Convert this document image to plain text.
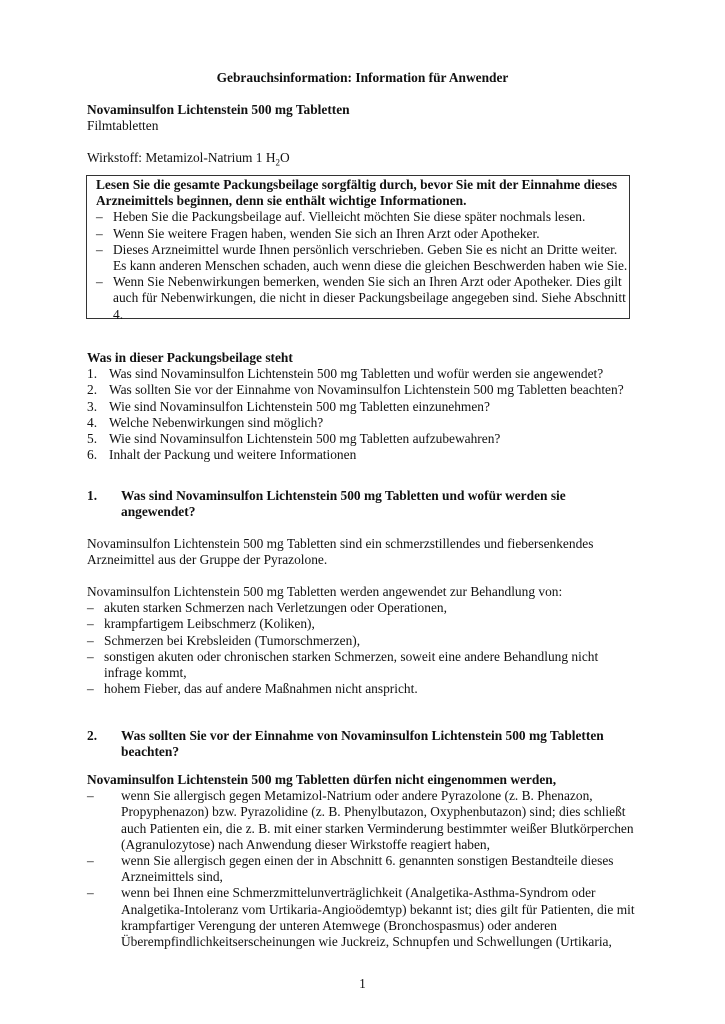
Gebrauchsinformation: Information für Anwender
Novaminsulfon Lichtenstein 500 mg Tabletten
Filmtabletten
Wirkstoff: Metamizol-Natrium 1 $H_2O$
Lesen Sie die gesamte Packungsbeilage sorgfältig durch, bevor Sie mit der Einnahme dieses Arzneimittels beginnen, denn sie enthält wichtige Informationen.
– Heben Sie die Packungsbeilage auf. Vielleicht möchten Sie diese später nochmals lesen.
– Wenn Sie weitere Fragen haben, wenden Sie sich an Ihren Arzt oder Apotheker.
– Dieses Arzneimittel wurde Ihnen persönlich verschrieben. Geben Sie es nicht an Dritte weiter. Es kann anderen Menschen schaden, auch wenn diese die gleichen Beschwerden haben wie Sie.
– Wenn Sie Nebenwirkungen bemerken, wenden Sie sich an Ihren Arzt oder Apotheker. Dies gilt auch für Nebenwirkungen, die nicht in dieser Packungsbeilage angegeben sind. Siehe Abschnitt 4.
Was in dieser Packungsbeilage steht
1. Was sind Novaminsulfon Lichtenstein 500 mg Tabletten und wofür werden sie angewendet?
2. Was sollten Sie vor der Einnahme von Novaminsulfon Lichtenstein 500 mg Tabletten beachten?
3. Wie sind Novaminsulfon Lichtenstein 500 mg Tabletten einzunehmen?
4. Welche Nebenwirkungen sind möglich?
5. Wie sind Novaminsulfon Lichtenstein 500 mg Tabletten aufzubewahren?
6. Inhalt der Packung und weitere Informationen
1. Was sind Novaminsulfon Lichtenstein 500 mg Tabletten und wofür werden sie angewendet?
Novaminsulfon Lichtenstein 500 mg Tabletten sind ein schmerzstillendes und fiebersenkendes Arzneimittel aus der Gruppe der Pyrazolone.
Novaminsulfon Lichtenstein 500 mg Tabletten werden angewendet zur Behandlung von:
– akuten starken Schmerzen nach Verletzungen oder Operationen,
– krampfartigem Leibschmerz (Koliken),
– Schmerzen bei Krebsleiden (Tumorschmerzen),
– sonstigen akuten oder chronischen starken Schmerzen, soweit eine andere Behandlung nicht infrage kommt,
– hohem Fieber, das auf andere Maßnahmen nicht anspricht.
2. Was sollten Sie vor der Einnahme von Novaminsulfon Lichtenstein 500 mg Tabletten beachten?
Novaminsulfon Lichtenstein 500 mg Tabletten dürfen nicht eingenommen werden,
– wenn Sie allergisch gegen Metamizol-Natrium oder andere Pyrazolone (z. B. Phenazon, Propyphenazon) bzw. Pyrazolidine (z. B. Phenylbutazon, Oxyphenbutazon) sind; dies schließt auch Patienten ein, die z. B. mit einer starken Verminderung bestimmter weißer Blutkörperchen (Agranulozytose) nach Anwendung dieser Wirkstoffe reagiert haben,
– wenn Sie allergisch gegen einen der in Abschnitt 6. genannten sonstigen Bestandteile dieses Arzneimittels sind,
– wenn bei Ihnen eine Schmerzmittelunverträglichkeit (Analgetika-Asthma-Syndrom oder Analgetika-Intoleranz vom Urtikaria-Angioödemtyp) bekannt ist; dies gilt für Patienten, die mit krampfartiger Verengung der unteren Atemwege (Bronchospasmus) oder anderen Überempfindlichkeitserscheinungen wie Juckreiz, Schnupfen und Schwellungen (Urtikaria,
1
